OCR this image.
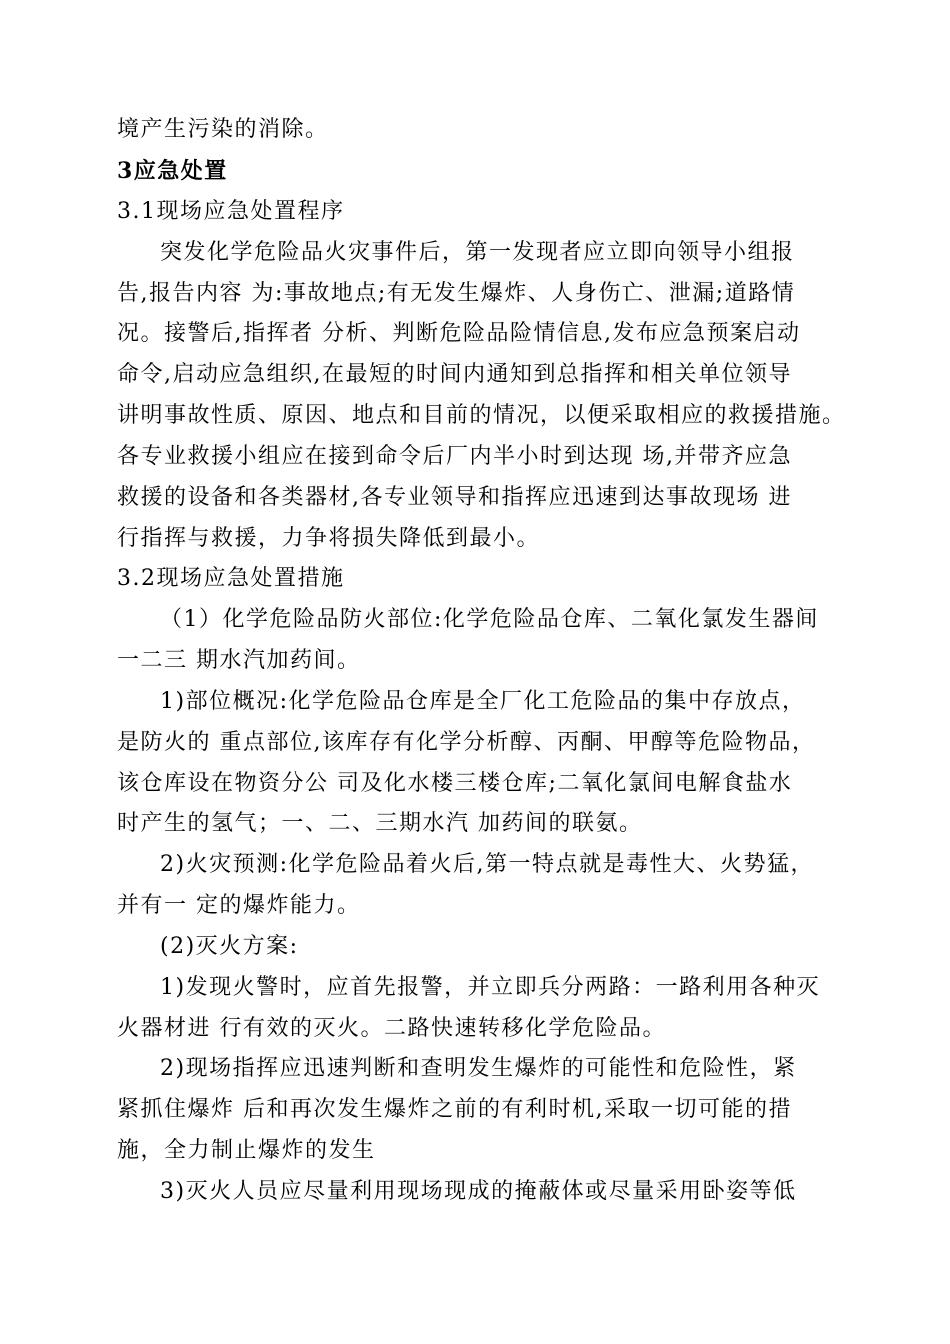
境产生污染的消除。
3应急处置
3.1现场应急处置程序
突发化学危险品火灾事件后，第一发现者应立即向领导小组报
告,报告内容 为:事故地点;有无发生爆炸、人身伤亡、泄漏;道路情
况。接警后,指挥者 分析、判断危险品险情信息,发布应急预案启动
命令,启动应急组织,在最短的时间内通知到总指挥和相关单位领导
讲明事故性质、原因、地点和目前的情况，以便采取相应的救援措施。
各专业救援小组应在接到命令后厂内半小时到达现 场,并带齐应急
救援的设备和各类器材,各专业领导和指挥应迅速到达事故现场 进
行指挥与救援，力争将损失降低到最小。
3.2现场应急处置措施
（1）化学危险品防火部位:化学危险品仓库、二氧化氯发生器间
一二三 期水汽加药间。
1)部位概况:化学危险品仓库是全厂化工危险品的集中存放点，
是防火的 重点部位,该库存有化学分析醇、丙酮、甲醇等危险物品，
该仓库设在物资分公 司及化水楼三楼仓库;二氧化氯间电解食盐水
时产生的氢气；一、二、三期水汽 加药间的联氨。
2)火灾预测:化学危险品着火后,第一特点就是毒性大、火势猛，
并有一 定的爆炸能力。
(2)灭火方案:
1)发现火警时，应首先报警，并立即兵分两路：一路利用各种灭
火器材进 行有效的灭火。二路快速转移化学危险品。
2)现场指挥应迅速判断和查明发生爆炸的可能性和危险性，紧
紧抓住爆炸 后和再次发生爆炸之前的有利时机,采取一切可能的措
施，全力制止爆炸的发生
3)灭火人员应尽量利用现场现成的掩蔽体或尽量采用卧姿等低
